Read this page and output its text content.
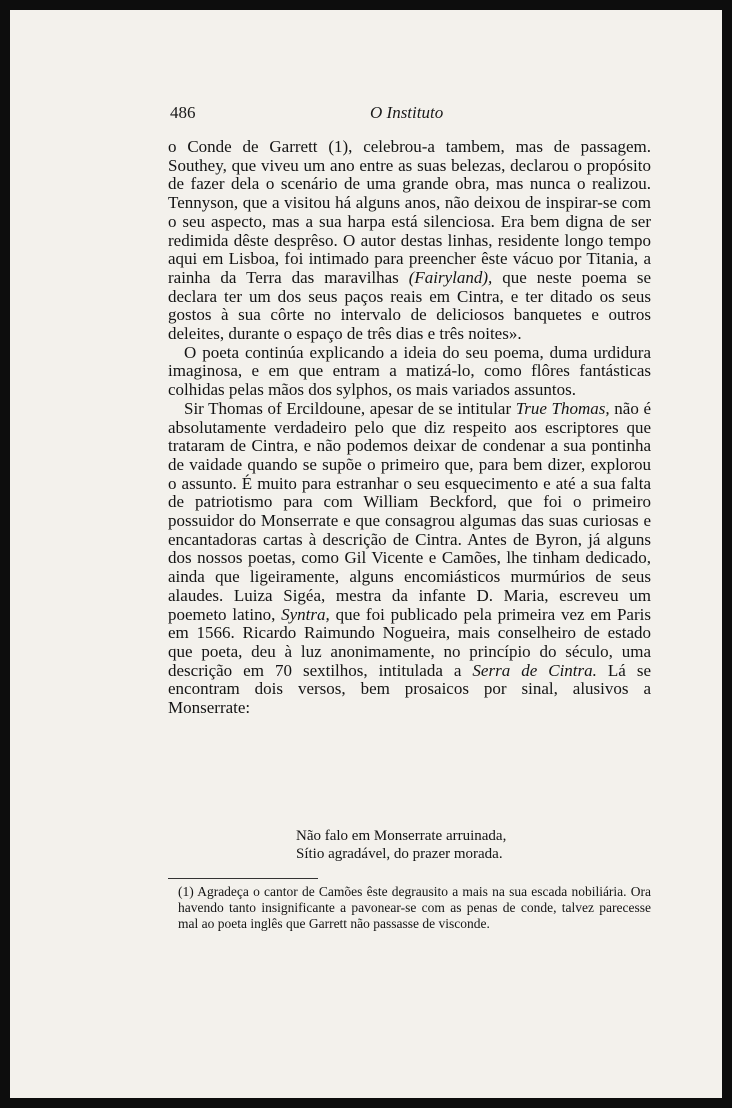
486	O Instituto

o Conde de Garrett (1), celebrou-a tambem, mas de passagem. Southey, que viveu um ano entre as suas belezas, declarou o propósito de fazer dela o scenário de uma grande obra, mas nunca o realizou. Tennyson, que a visitou há alguns anos, não deixou de inspirar-se com o seu aspecto, mas a sua harpa está silenciosa. Era bem digna de ser redimida dêste desprêso. O autor destas linhas, residente longo tempo aqui em Lisboa, foi intimado para preencher êste vácuo por Titania, a rainha da Terra das maravilhas (Fairyland), que neste poema se declara ter um dos seus paços reais em Cintra, e ter ditado os seus gostos à sua côrte no intervalo de deliciosos banquetes e outros deleites, durante o espaço de três dias e três noites».

O poeta continúa explicando a ideia do seu poema, duma urdidura imaginosa, e em que entram a matizá-lo, como flôres fantásticas colhidas pelas mãos dos sylphos, os mais variados assuntos.

Sir Thomas of Ercildoune, apesar de se intitular True Thomas, não é absolutamente verdadeiro pelo que diz respeito aos escriptores que trataram de Cintra, e não podemos deixar de condenar a sua pontinha de vaidade quando se supõe o primeiro que, para bem dizer, explorou o assunto. É muito para estranhar o seu esquecimento e até a sua falta de patriotismo para com William Beckford, que foi o primeiro possuidor do Monserrate e que consagrou algumas das suas curiosas e encantadoras cartas à descrição de Cintra. Antes de Byron, já alguns dos nossos poetas, como Gil Vicente e Camões, lhe tinham dedicado, ainda que ligeiramente, alguns encomiásticos murmúrios de seus alaudes. Luiza Sigéa, mestra da infante D. Maria, escreveu um poemeto latino, Syntra, que foi publicado pela primeira vez em Paris em 1566. Ricardo Raimundo Nogueira, mais conselheiro de estado que poeta, deu à luz anonimamente, no princípio do século, uma descrição em 70 sextilhos, intitulada a Serra de Cintra. Lá se encontram dois versos, bem prosaicos por sinal, alusivos a Monserrate:

Não falo em Monserrate arruinada,
Sítio agradável, do prazer morada.

(1) Agradeça o cantor de Camões êste degrausito a mais na sua escada nobiliária. Ora havendo tanto insignificante a pavonear-se com as penas de conde, talvez parecesse mal ao poeta inglês que Garrett não passasse de visconde.
